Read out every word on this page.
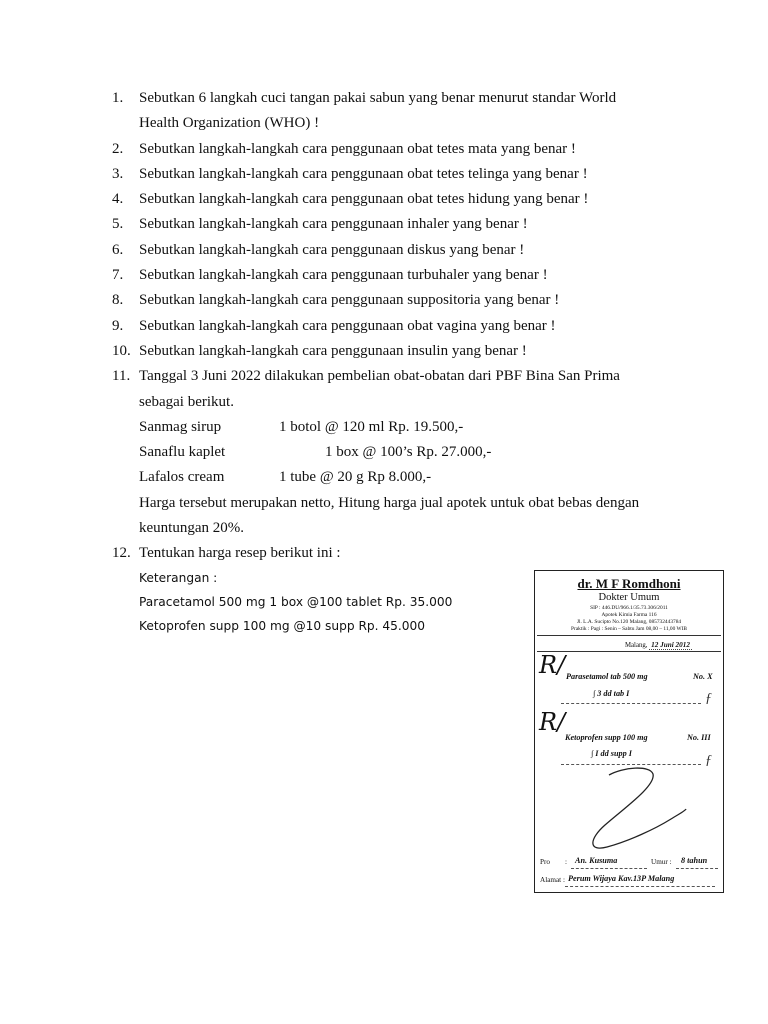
1.	Sebutkan 6 langkah cuci tangan pakai sabun yang benar menurut standar World
Health Organization (WHO) !
2.	Sebutkan langkah-langkah cara penggunaan obat tetes mata yang benar !
3.	Sebutkan langkah-langkah cara penggunaan obat tetes telinga yang benar !
4.	Sebutkan langkah-langkah cara penggunaan obat tetes hidung yang benar !
5.	Sebutkan langkah-langkah cara penggunaan inhaler yang benar !
6.	Sebutkan langkah-langkah cara penggunaan diskus yang benar !
7.	Sebutkan langkah-langkah cara penggunaan turbuhaler yang benar !
8.	Sebutkan langkah-langkah cara penggunaan suppositoria yang benar !
9.	Sebutkan langkah-langkah cara penggunaan obat vagina yang benar !
10. Sebutkan langkah-langkah cara penggunaan insulin yang benar !
11. Tanggal 3 Juni 2022 dilakukan pembelian obat-obatan dari PBF Bina San Prima
sebagai berikut.
Sanmag sirup	1 botol @ 120 ml Rp. 19.500,-
Sanaflu kaplet	1 box @ 100’s Rp. 27.000,-
Lafalos cream	1 tube @ 20 g Rp 8.000,-
Harga tersebut merupakan netto, Hitung harga jual apotek untuk obat bebas dengan
keuntungan 20%.
12. Tentukan harga resep berikut ini :
Keterangan :
Paracetamol 500 mg 1 box @100 tablet Rp. 35.000
Ketoprofen supp 100 mg @10 supp Rp. 45.000
dr. M F Romdhoni
Dokter Umum
SIP : 446.DU/966.1/35.73.306/2011
Apotek Kimia Farma 116
Jl. L.A. Sucipto No.120 Malang, 085732443784
Praktik : Pagi : Senin – Sabtu Jam 08,00 – 11,00 WIB
Malang, 12 Juni 2012
R/ Parasetamol tab 500 mg	No. X
∫ 3 dd tab I	ƒ
R/
Ketoprofen supp 100 mg	No. III
∫ I dd supp I	ƒ
Pro : An. Kusuma	Umur : 8 tahun
Alamat : Perum Wijaya Kav.13P Malang
